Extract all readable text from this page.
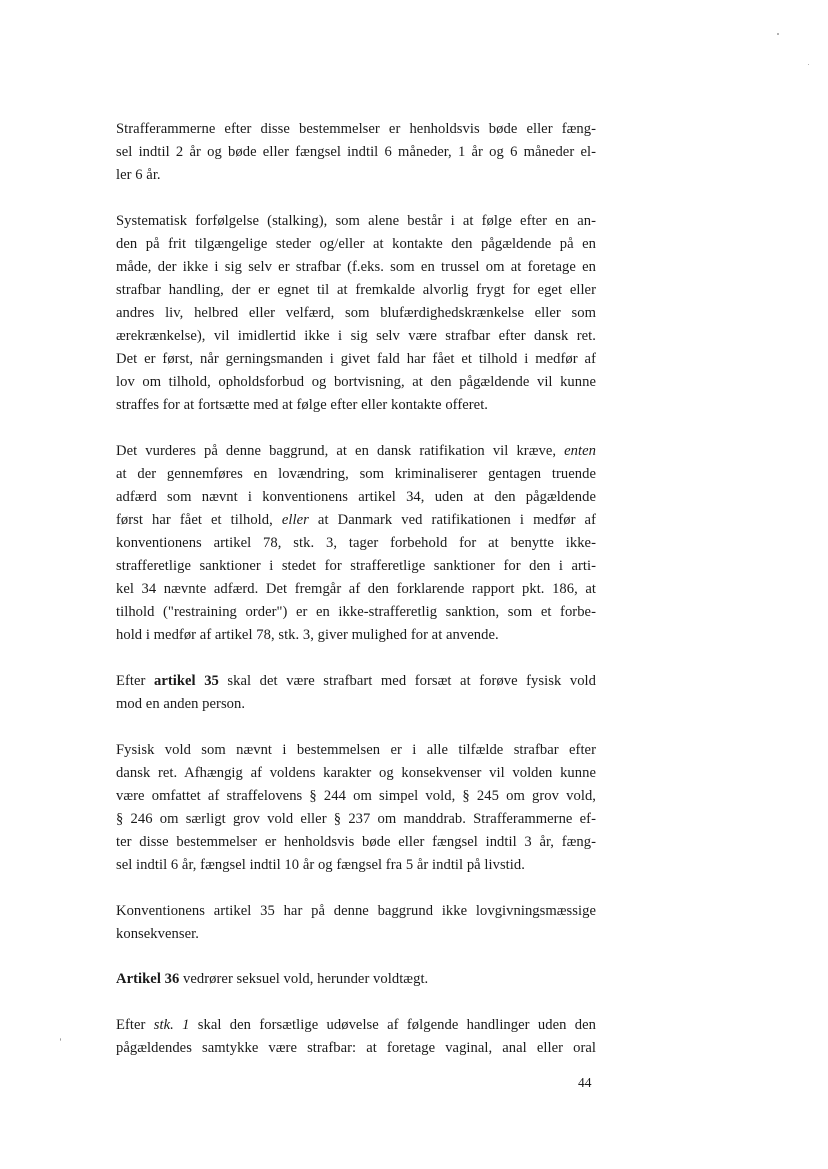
Strafferammerne efter disse bestemmelser er henholdsvis bøde eller fæng-
sel indtil 2 år og bøde eller fængsel indtil 6 måneder, 1 år og 6 måneder el-
ler 6 år.
Systematisk forfølgelse (stalking), som alene består i at følge efter en an-
den på frit tilgængelige steder og/eller at kontakte den pågældende på en
måde, der ikke i sig selv er strafbar (f.eks. som en trussel om at foretage en
strafbar handling, der er egnet til at fremkalde alvorlig frygt for eget eller
andres liv, helbred eller velfærd, som blufærdighedskrænkelse eller som
ærekrænkelse), vil imidlertid ikke i sig selv være strafbar efter dansk ret.
Det er først, når gerningsmanden i givet fald har fået et tilhold i medfør af
lov om tilhold, opholdsforbud og bortvisning, at den pågældende vil kunne
straffes for at fortsætte med at følge efter eller kontakte offeret.
Det vurderes på denne baggrund, at en dansk ratifikation vil kræve, enten
at der gennemføres en lovændring, som kriminaliserer gentagen truende
adfærd som nævnt i konventionens artikel 34, uden at den pågældende
først har fået et tilhold, eller at Danmark ved ratifikationen i medfør af
konventionens artikel 78, stk. 3, tager forbehold for at benytte ikke-
strafferetlige sanktioner i stedet for strafferetlige sanktioner for den i arti-
kel 34 nævnte adfærd. Det fremgår af den forklarende rapport pkt. 186, at
tilhold ("restraining order") er en ikke-strafferetlig sanktion, som et forbe-
hold i medfør af artikel 78, stk. 3, giver mulighed for at anvende.
Efter artikel 35 skal det være strafbart med forsæt at forøve fysisk vold
mod en anden person.
Fysisk vold som nævnt i bestemmelsen er i alle tilfælde strafbar efter
dansk ret. Afhængig af voldens karakter og konsekvenser vil volden kunne
være omfattet af straffelovens § 244 om simpel vold, § 245 om grov vold,
§ 246 om særligt grov vold eller § 237 om manddrab. Strafferammerne ef-
ter disse bestemmelser er henholdsvis bøde eller fængsel indtil 3 år, fæng-
sel indtil 6 år, fængsel indtil 10 år og fængsel fra 5 år indtil på livstid.
Konventionens artikel 35 har på denne baggrund ikke lovgivningsmæssige
konsekvenser.
Artikel 36 vedrører seksuel vold, herunder voldtægt.
Efter stk. 1 skal den forsætlige udøvelse af følgende handlinger uden den
pågældendes samtykke være strafbar: at foretage vaginal, anal eller oral
44
